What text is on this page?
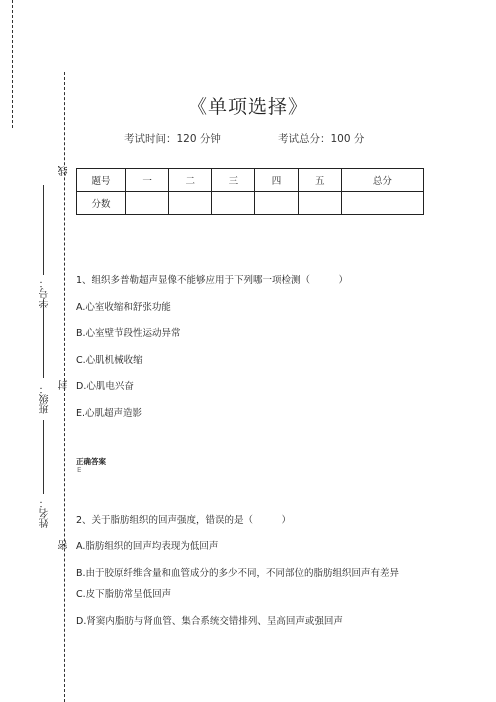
线
学号：
封
班级：
密
姓名：
《单项选择》
考试时间：120 分钟	考试总分：100 分
题号	一	二	三	四	五	总分
分数						
1、组织多普勒超声显像不能够应用于下列哪一项检测（　　　）
A.心室收缩和舒张功能
B.心室壁节段性运动异常
C.心肌机械收缩
D.心肌电兴奋
E.心肌超声造影
正确答案
E
2、关于脂肪组织的回声强度，错误的是（　　　）
A.脂肪组织的回声均表现为低回声
B.由于胶原纤维含量和血管成分的多少不同，不同部位的脂肪组织回声有差异
C.皮下脂肪常呈低回声
D.肾窦内脂肪与肾血管、集合系统交错排列、呈高回声或强回声
